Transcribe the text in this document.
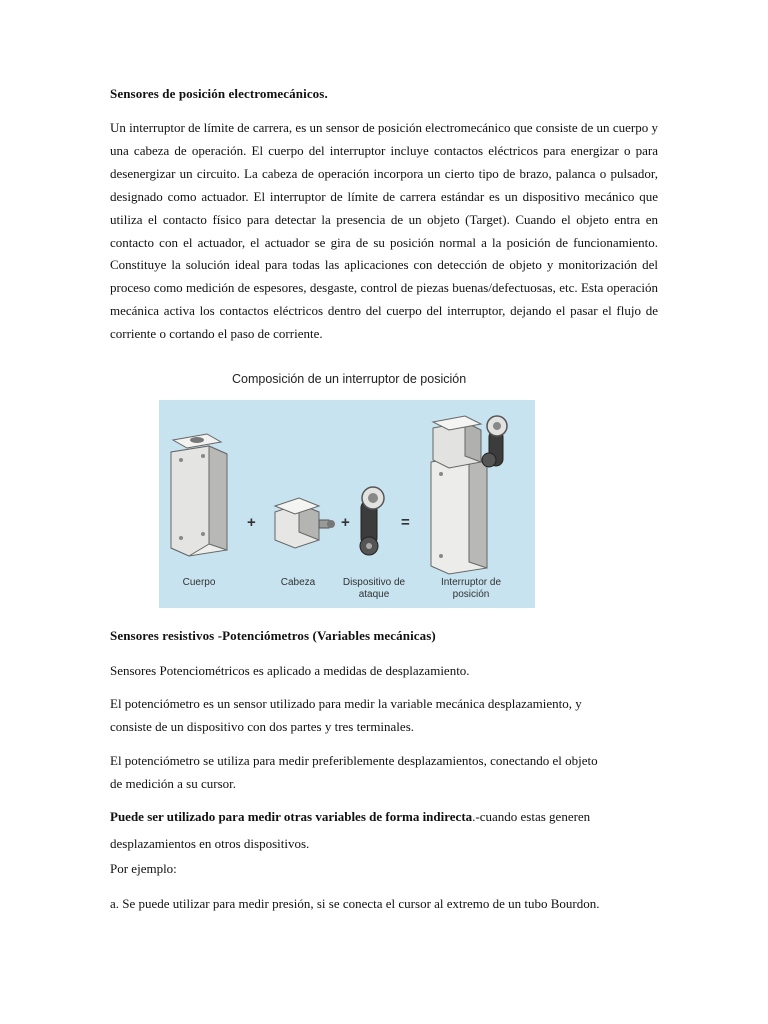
Sensores de posición electromecánicos.
Un interruptor de límite de carrera, es un sensor de posición electromecánico que consiste de un cuerpo y una cabeza de operación. El cuerpo del interruptor incluye contactos eléctricos para energizar o para desenergizar un circuito. La cabeza de operación incorpora un cierto tipo de brazo, palanca o pulsador, designado como actuador. El interruptor de límite de carrera estándar es un dispositivo mecánico que utiliza el contacto físico para detectar la presencia de un objeto (Target). Cuando el objeto entra en contacto con el actuador, el actuador se gira de su posición normal a la posición de funcionamiento. Constituye la solución ideal para todas las aplicaciones con detección de objeto y monitorización del proceso como medición de espesores, desgaste, control de piezas buenas/defectuosas, etc. Esta operación mecánica activa los contactos eléctricos dentro del cuerpo del interruptor, dejando el pasar el flujo de corriente o cortando el paso de corriente.
Composición de un interruptor de posición
+	+	=
Cuerpo	Cabeza	Dispositivo de
ataque
Interruptor de
posición
Sensores resistivos -Potenciómetros (Variables mecánicas)
Sensores Potenciométricos es aplicado a medidas de desplazamiento.
El potenciómetro es un sensor utilizado para medir la variable mecánica desplazamiento, y
consiste de un dispositivo con dos partes y tres terminales.
El potenciómetro se utiliza para medir preferiblemente desplazamientos, conectando el objeto
de medición a su cursor.
Puede ser utilizado para medir otras variables de forma indirecta.-cuando estas generen
desplazamientos en otros dispositivos.
Por ejemplo:
a. Se puede utilizar para medir presión, si se conecta el cursor al extremo de un tubo Bourdon.
